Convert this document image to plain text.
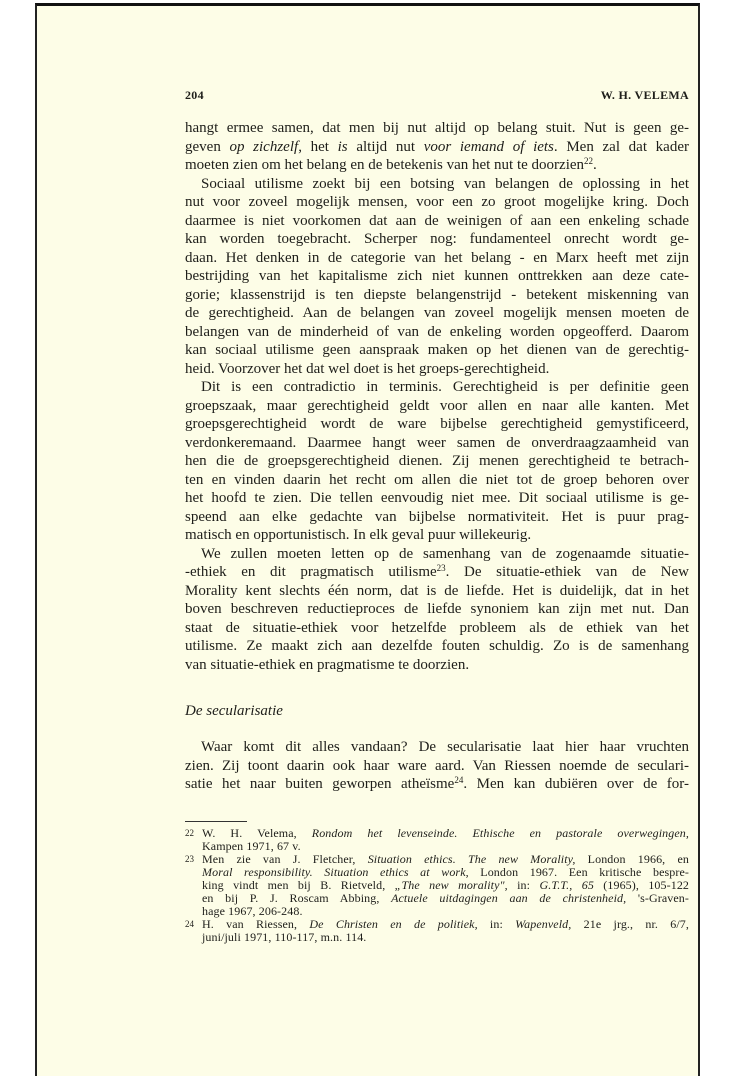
204	W. H. VELEMA
hangt ermee samen, dat men bij nut altijd op belang stuit. Nut is geen ge-
geven op zichzelf, het is altijd nut voor iemand of iets. Men zal dat kader
moeten zien om het belang en de betekenis van het nut te doorzien$^{22}$.
Sociaal utilisme zoekt bij een botsing van belangen de oplossing in het
nut voor zoveel mogelijk mensen, voor een zo groot mogelijke kring. Doch
daarmee is niet voorkomen dat aan de weinigen of aan een enkeling schade
kan worden toegebracht. Scherper nog: fundamenteel onrecht wordt ge-
daan. Het denken in de categorie van het belang - en Marx heeft met zijn
bestrijding van het kapitalisme zich niet kunnen onttrekken aan deze cate-
gorie; klassenstrijd is ten diepste belangenstrijd - betekent miskenning van
de gerechtigheid. Aan de belangen van zoveel mogelijk mensen moeten de
belangen van de minderheid of van de enkeling worden opgeofferd. Daarom
kan sociaal utilisme geen aanspraak maken op het dienen van de gerechtig-
heid. Voorzover het dat wel doet is het groeps-gerechtigheid.
Dit is een contradictio in terminis. Gerechtigheid is per definitie geen
groepszaak, maar gerechtigheid geldt voor allen en naar alle kanten. Met
groepsgerechtigheid wordt de ware bijbelse gerechtigheid gemystificeerd,
verdonkeremaand. Daarmee hangt weer samen de onverdraagzaamheid van
hen die de groepsgerechtigheid dienen. Zij menen gerechtigheid te betrach-
ten en vinden daarin het recht om allen die niet tot de groep behoren over
het hoofd te zien. Die tellen eenvoudig niet mee. Dit sociaal utilisme is ge-
speend aan elke gedachte van bijbelse normativiteit. Het is puur prag-
matisch en opportunistisch. In elk geval puur willekeurig.
We zullen moeten letten op de samenhang van de zogenaamde situatie-
-ethiek en dit pragmatisch utilisme$^{23}$. De situatie-ethiek van de New
Morality kent slechts één norm, dat is de liefde. Het is duidelijk, dat in het
boven beschreven reductieproces de liefde synoniem kan zijn met nut. Dan
staat de situatie-ethiek voor hetzelfde probleem als de ethiek van het
utilisme. Ze maakt zich aan dezelfde fouten schuldig. Zo is de samenhang
van situatie-ethiek en pragmatisme te doorzien.
De secularisatie
Waar komt dit alles vandaan? De secularisatie laat hier haar vruchten
zien. Zij toont daarin ook haar ware aard. Van Riessen noemde de seculari-
satie het naar buiten geworpen atheïsme$^{24}$. Men kan dubiëren over de for-
22 W. H. Velema, Rondom het levenseinde. Ethische en pastorale overwegingen,
Kampen 1971, 67 v.
23 Men zie van J. Fletcher, Situation ethics. The new Morality, London 1966, en
Moral responsibility. Situation ethics at work, London 1967. Een kritische bespre-
king vindt men bij B. Rietveld, „The new morality", in: G.T.T., 65 (1965), 105-122
en bij P. J. Roscam Abbing, Actuele uitdagingen aan de christenheid, 's-Graven-
hage 1967, 206-248.
24 H. van Riessen, De Christen en de politiek, in: Wapenveld, 21e jrg., nr. 6/7,
juni/juli 1971, 110-117, m.n. 114.
